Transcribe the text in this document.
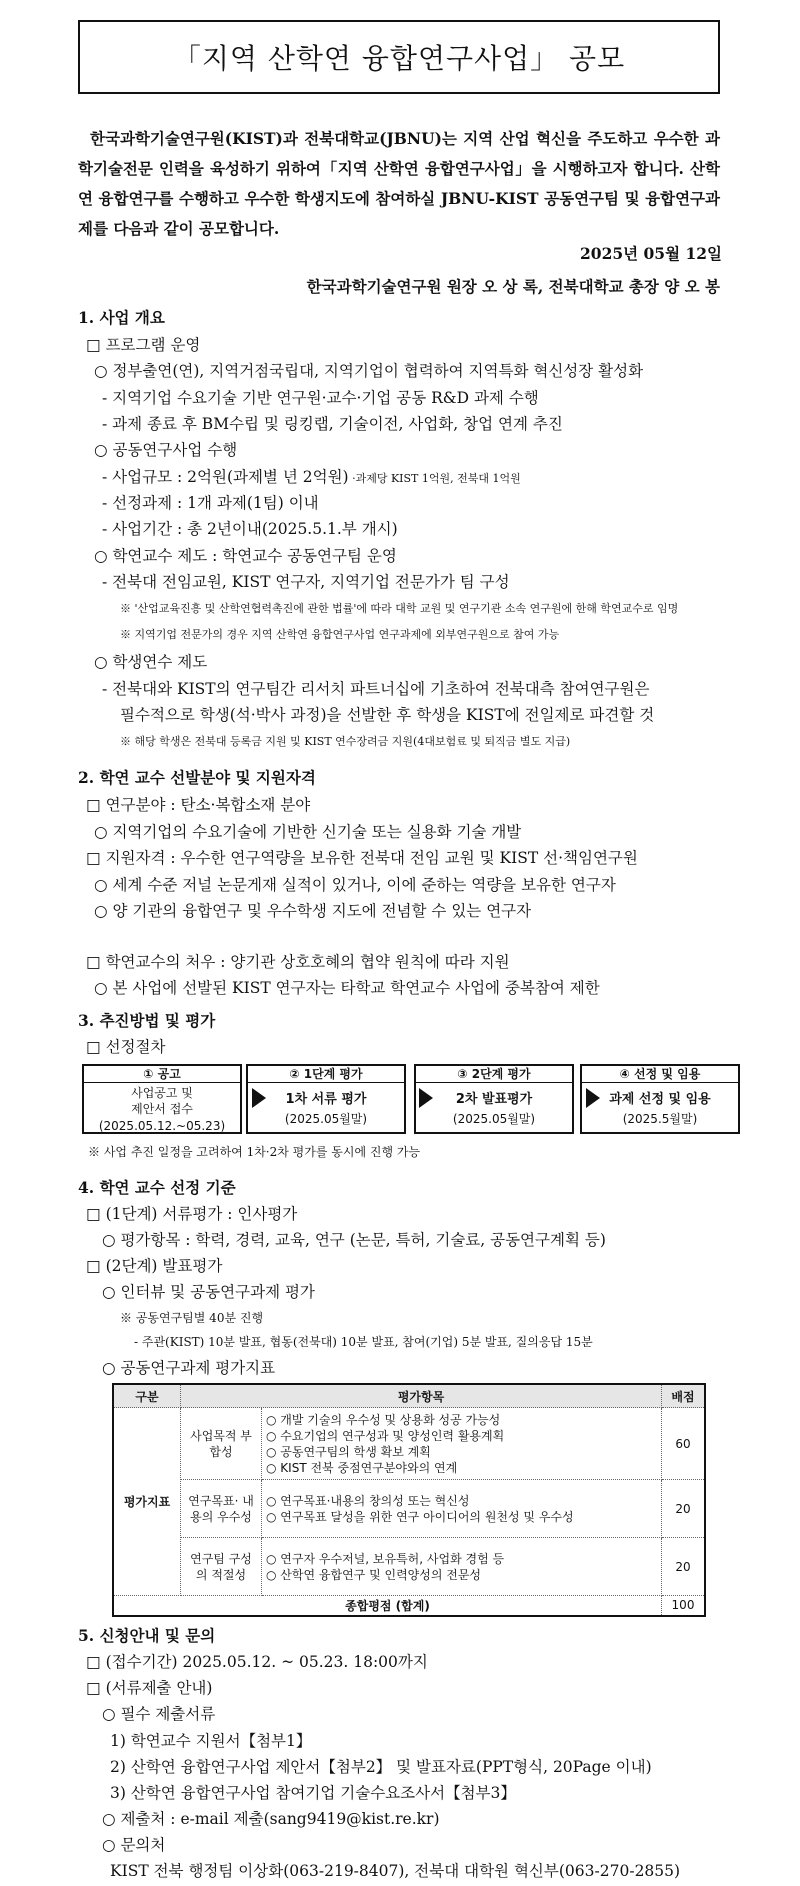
「지역 산학연 융합연구사업」 공모
한국과학기술연구원(KIST)과 전북대학교(JBNU)는 지역 산업 혁신을 주도하고 우수한 과학기술전문 인력을 육성하기 위하여「지역 산학연 융합연구사업」을 시행하고자 합니다. 산학연 융합연구를 수행하고 우수한 학생지도에 참여하실 JBNU-KIST 공동연구팀 및 융합연구과제를 다음과 같이 공모합니다.
2025년 05월 12일
한국과학기술연구원 원장 오 상 록, 전북대학교 총장 양 오 봉
1. 사업 개요
□ 프로그램 운영
○ 정부출연(연), 지역거점국립대, 지역기업이 협력하여 지역특화 혁신성장 활성화
- 지역기업 수요기술 기반 연구원·교수·기업 공동 R&D 과제 수행
- 과제 종료 후 BM수립 및 링킹랩, 기술이전, 사업화, 창업 연계 추진
○ 공동연구사업 수행
- 사업규모 : 2억원(과제별 년 2억원) ·과제당 KIST 1억원, 전북대 1억원
- 선정과제 : 1개 과제(1팀) 이내
- 사업기간 : 총 2년이내(2025.5.1.부 개시)
○ 학연교수 제도 : 학연교수 공동연구팀 운영
- 전북대 전임교원, KIST 연구자, 지역기업 전문가가 팀 구성
※ '산업교육진흥 및 산학연협력촉진에 관한 법률'에 따라 대학 교원 및 연구기관 소속 연구원에 한해 학연교수로 임명
※ 지역기업 전문가의 경우 지역 산학연 융합연구사업 연구과제에 외부연구원으로 참여 가능
○ 학생연수 제도
- 전북대와 KIST의 연구팀간 리서치 파트너십에 기초하여 전북대측 참여연구원은
필수적으로 학생(석·박사 과정)을 선발한 후 학생을 KIST에 전일제로 파견할 것
※ 해당 학생은 전북대 등록금 지원 및 KIST 연수장려금 지원(4대보험료 및 퇴직금 별도 지급)
2. 학연 교수 선발분야 및 지원자격
□ 연구분야 : 탄소·복합소재 분야
○ 지역기업의 수요기술에 기반한 신기술 또는 실용화 기술 개발
□ 지원자격 : 우수한 연구역량을 보유한 전북대 전임 교원 및 KIST 선·책임연구원
○ 세계 수준 저널 논문게재 실적이 있거나, 이에 준하는 역량을 보유한 연구자
○ 양 기관의 융합연구 및 우수학생 지도에 전념할 수 있는 연구자
□ 학연교수의 처우 : 양기관 상호호혜의 협약 원칙에 따라 지원
○ 본 사업에 선발된 KIST 연구자는 타학교 학연교수 사업에 중복참여 제한
3. 추진방법 및 평가
□ 선정절차
① 공고
사업공고 및
제안서 접수
(2025.05.12.~05.23)
② 1단계 평가
1차 서류 평가
(2025.05월말)
③ 2단계 평가
2차 발표평가
(2025.05월말)
④ 선정 및 임용
과제 선정 및 임용
(2025.5월말)
※ 사업 추진 일정을 고려하여 1차·2차 평가를 동시에 진행 가능
4. 학연 교수 선정 기준
□ (1단계) 서류평가 : 인사평가
○ 평가항목 : 학력, 경력, 교육, 연구 (논문, 특허, 기술료, 공동연구계획 등)
□ (2단계) 발표평가
○ 인터뷰 및 공동연구과제 평가
※ 공동연구팀별 40분 진행
- 주관(KIST) 10분 발표, 협동(전북대) 10분 발표, 참여(기업) 5분 발표, 질의응답 15분
○ 공동연구과제 평가지표
구분	평가항목		배점
평가지표	사업목적 부합성	○ 개발 기술의 우수성 및 상용화 성공 가능성
○ 수요기업의 연구성과 및 양성인력 활용계획
○ 공동연구팀의 학생 확보 계획
○ KIST 전북 중점연구분야와의 연계	60
	연구목표· 내용의 우수성	○ 연구목표·내용의 창의성 또는 혁신성
○ 연구목표 달성을 위한 연구 아이디어의 원천성 및 우수성	20
	연구팀 구성의 적절성	○ 연구자 우수저널, 보유특허, 사업화 경험 등
○ 산학연 융합연구 및 인력양성의 전문성	20
종합평점 (합계)			100
5. 신청안내 및 문의
□ (접수기간) 2025.05.12. ~ 05.23. 18:00까지
□ (서류제출 안내)
○ 필수 제출서류
1) 학연교수 지원서【첨부1】
2) 산학연 융합연구사업 제안서【첨부2】 및 발표자료(PPT형식, 20Page 이내)
3) 산학연 융합연구사업 참여기업 기술수요조사서【첨부3】
○ 제출처 : e-mail 제출(sang9419@kist.re.kr)
○ 문의처
KIST 전북 행정팀 이상화(063-219-8407), 전북대 대학원 혁신부(063-270-2855)
